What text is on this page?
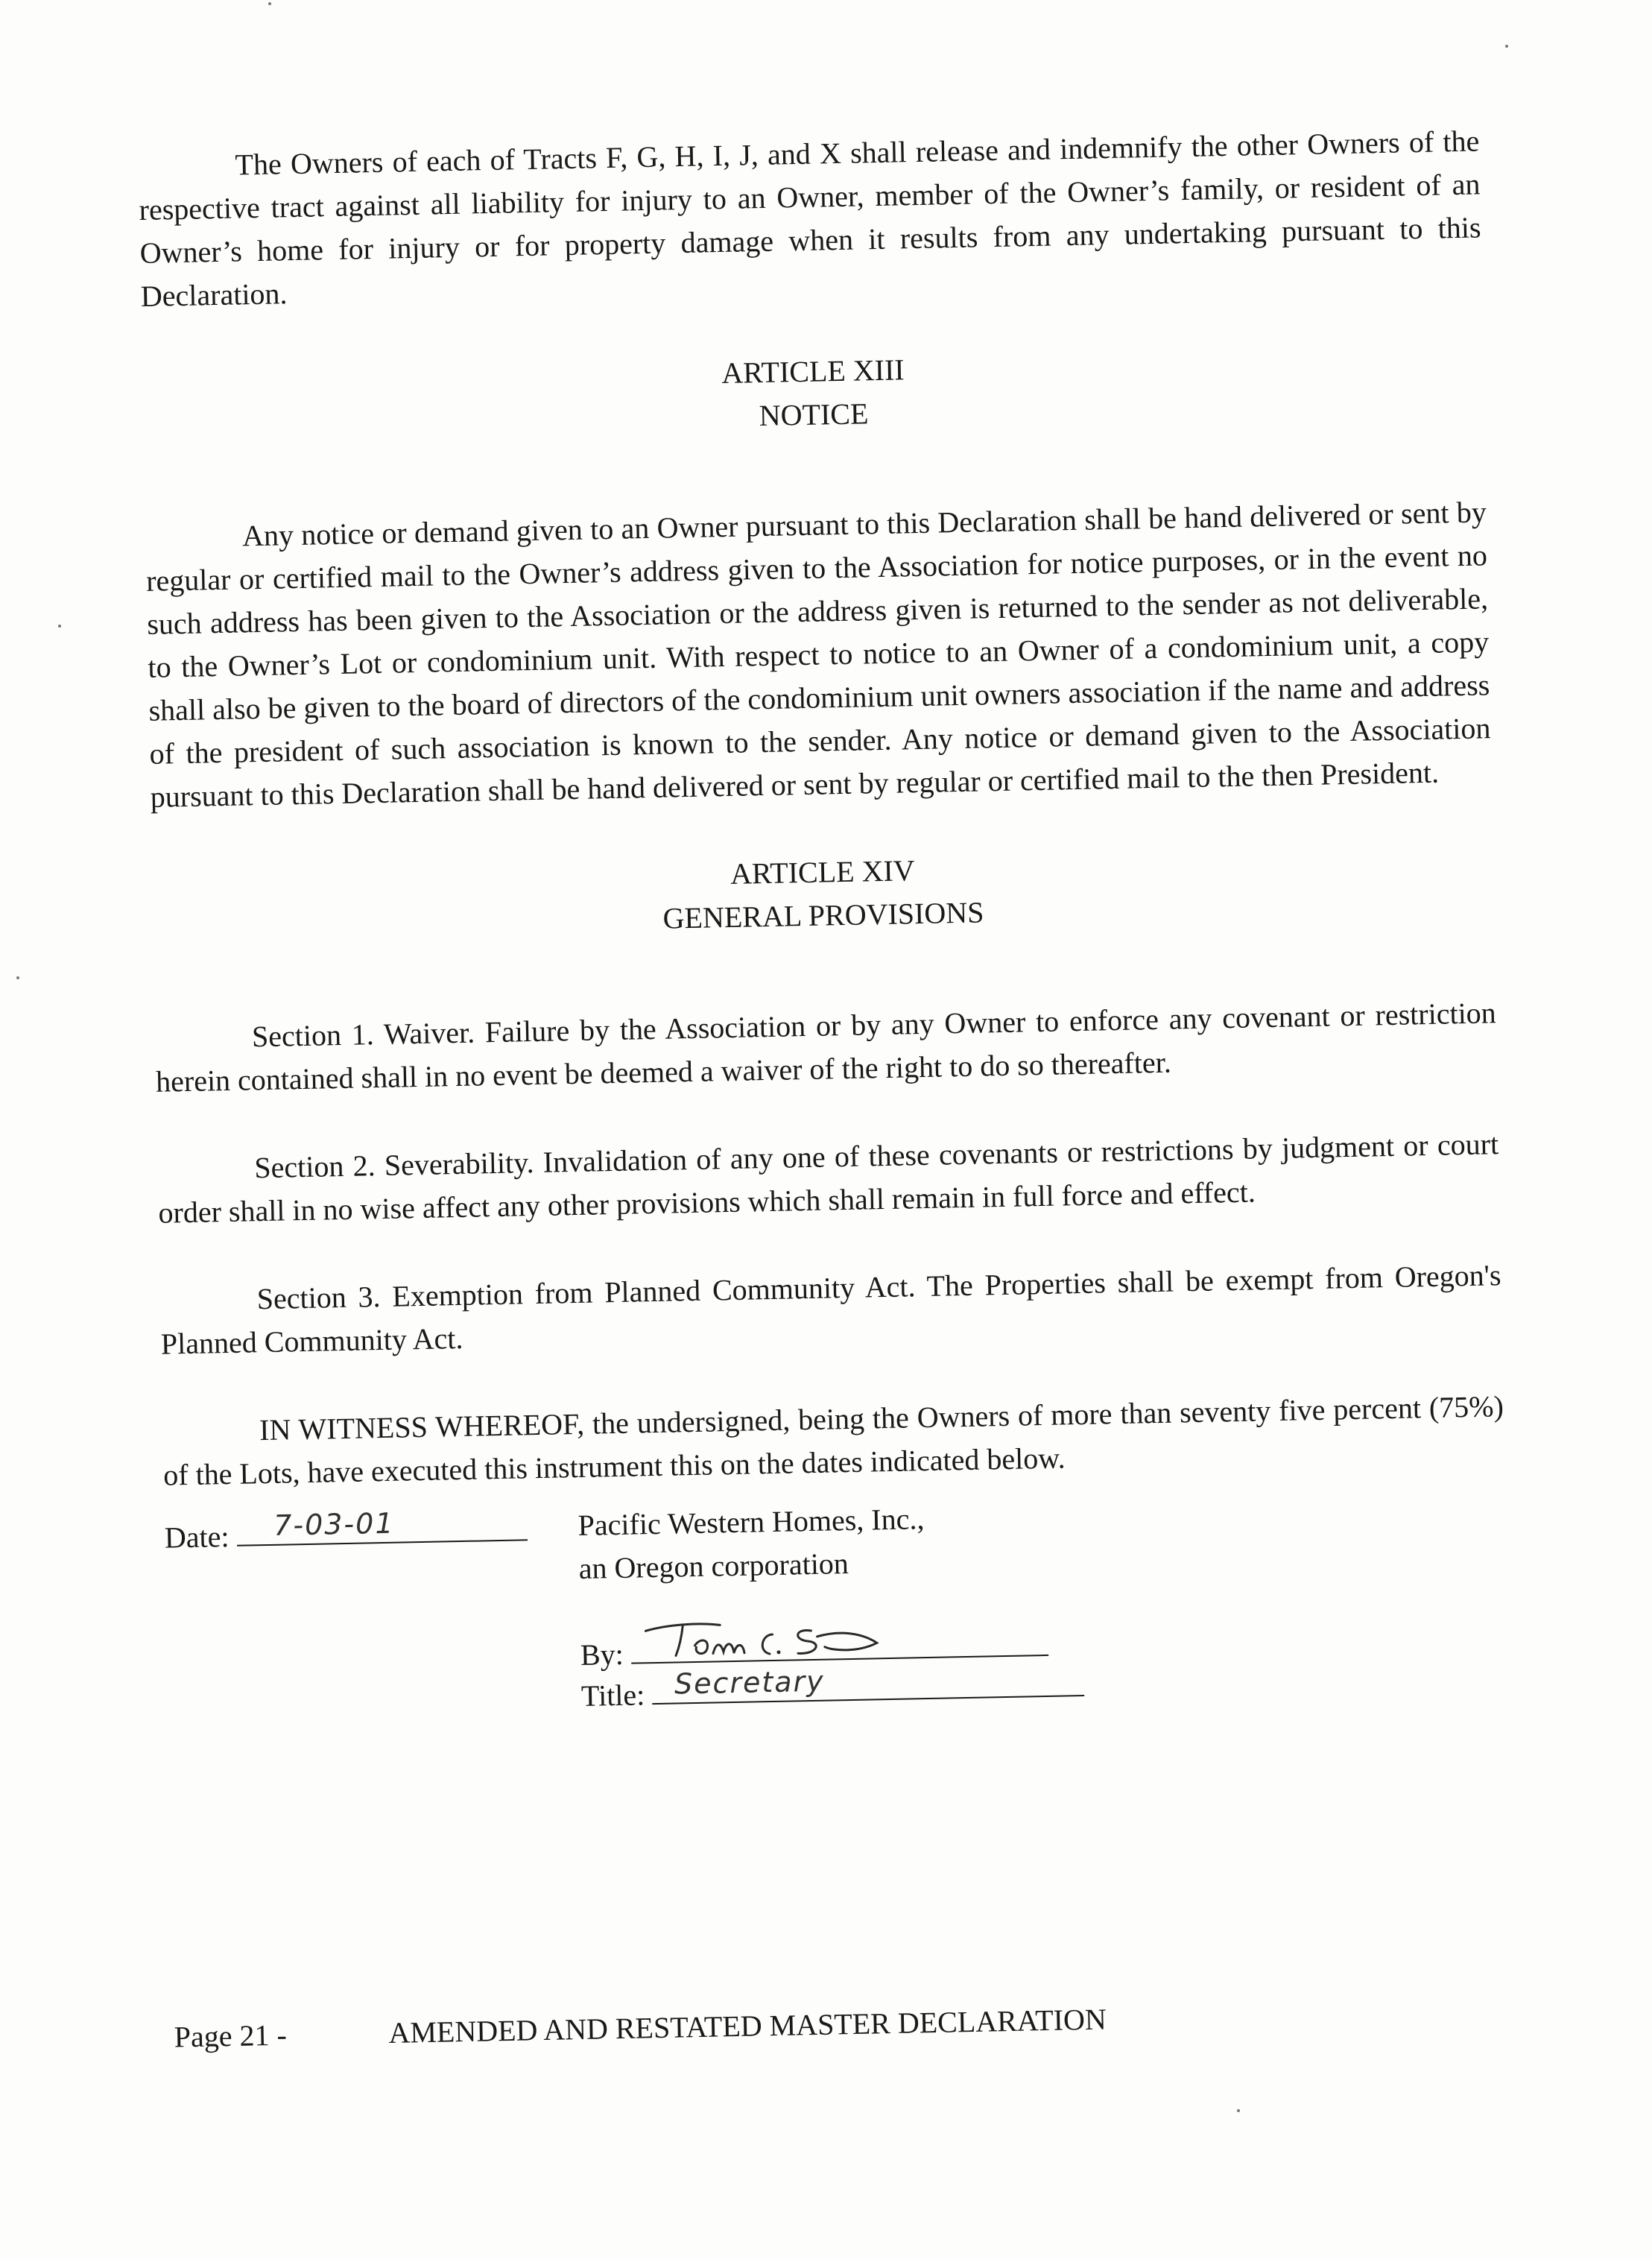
The Owners of each of Tracts F, G, H, I, J, and X shall release and indemnify the other Owners of the respective tract against all liability for injury to an Owner, member of the Owner’s family, or resident of an Owner’s home for injury or for property damage when it results from any undertaking pursuant to this Declaration.

ARTICLE XIII

NOTICE

Any notice or demand given to an Owner pursuant to this Declaration shall be hand delivered or sent by regular or certified mail to the Owner’s address given to the Association for notice purposes, or in the event no such address has been given to the Association or the address given is returned to the sender as not deliverable, to the Owner’s Lot or condominium unit. With respect to notice to an Owner of a condominium unit, a copy shall also be given to the board of directors of the condominium unit owners association if the name and address of the president of such association is known to the sender. Any notice or demand given to the Association pursuant to this Declaration shall be hand delivered or sent by regular or certified mail to the then President.

ARTICLE XIV

GENERAL PROVISIONS

Section 1. Waiver. Failure by the Association or by any Owner to enforce any covenant or restriction herein contained shall in no event be deemed a waiver of the right to do so thereafter.

Section 2. Severability. Invalidation of any one of these covenants or restrictions by judgment or court order shall in no wise affect any other provisions which shall remain in full force and effect.

Section 3. Exemption from Planned Community Act. The Properties shall be exempt from Oregon's Planned Community Act.

IN WITNESS WHEREOF, the undersigned, being the Owners of more than seventy five percent (75%) of the Lots, have executed this instrument this on the dates indicated below.

Date: 7-03-01	Pacific Western Homes, Inc.,
an Oregon corporation
By:
Title: Secretary
Page 21 -	AMENDED AND RESTATED MASTER DECLARATION
